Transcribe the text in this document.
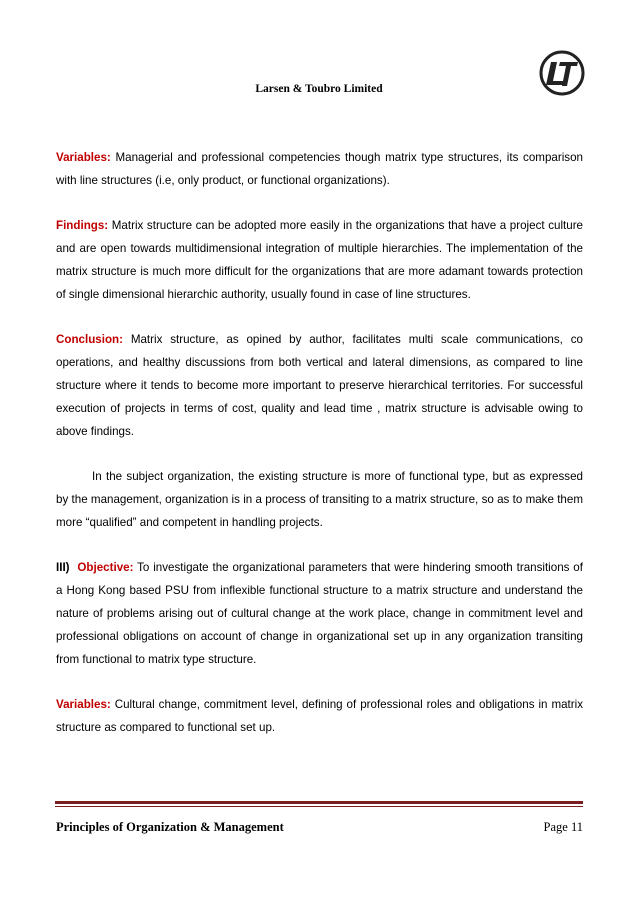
Larsen & Toubro Limited

Variables: Managerial and professional competencies though matrix type structures, its comparison with line structures (i.e, only product, or functional organizations).

Findings: Matrix structure can be adopted more easily in the organizations that have a project culture and are open towards multidimensional integration of multiple hierarchies. The implementation of the matrix structure is much more difficult for the organizations that are more adamant towards protection of single dimensional hierarchic authority, usually found in case of line structures.

Conclusion: Matrix structure, as opined by author, facilitates multi scale communications, co operations, and healthy discussions from both vertical and lateral dimensions, as compared to line structure where it tends to become more important to preserve hierarchical territories. For successful execution of projects in terms of cost, quality and lead time , matrix structure is advisable owing to above findings.

In the subject organization, the existing structure is more of functional type, but as expressed by the management, organization is in a process of transiting to a matrix structure, so as to make them more “qualified” and competent in handling projects.

III) Objective: To investigate the organizational parameters that were hindering smooth transitions of a Hong Kong based PSU from inflexible functional structure to a matrix structure and understand the nature of problems arising out of cultural change at the work place, change in commitment level and professional obligations on account of change in organizational set up in any organization transiting from functional to matrix type structure.

Variables: Cultural change, commitment level, defining of professional roles and obligations in matrix structure as compared to functional set up.

Principles of Organization & Management	Page 11
